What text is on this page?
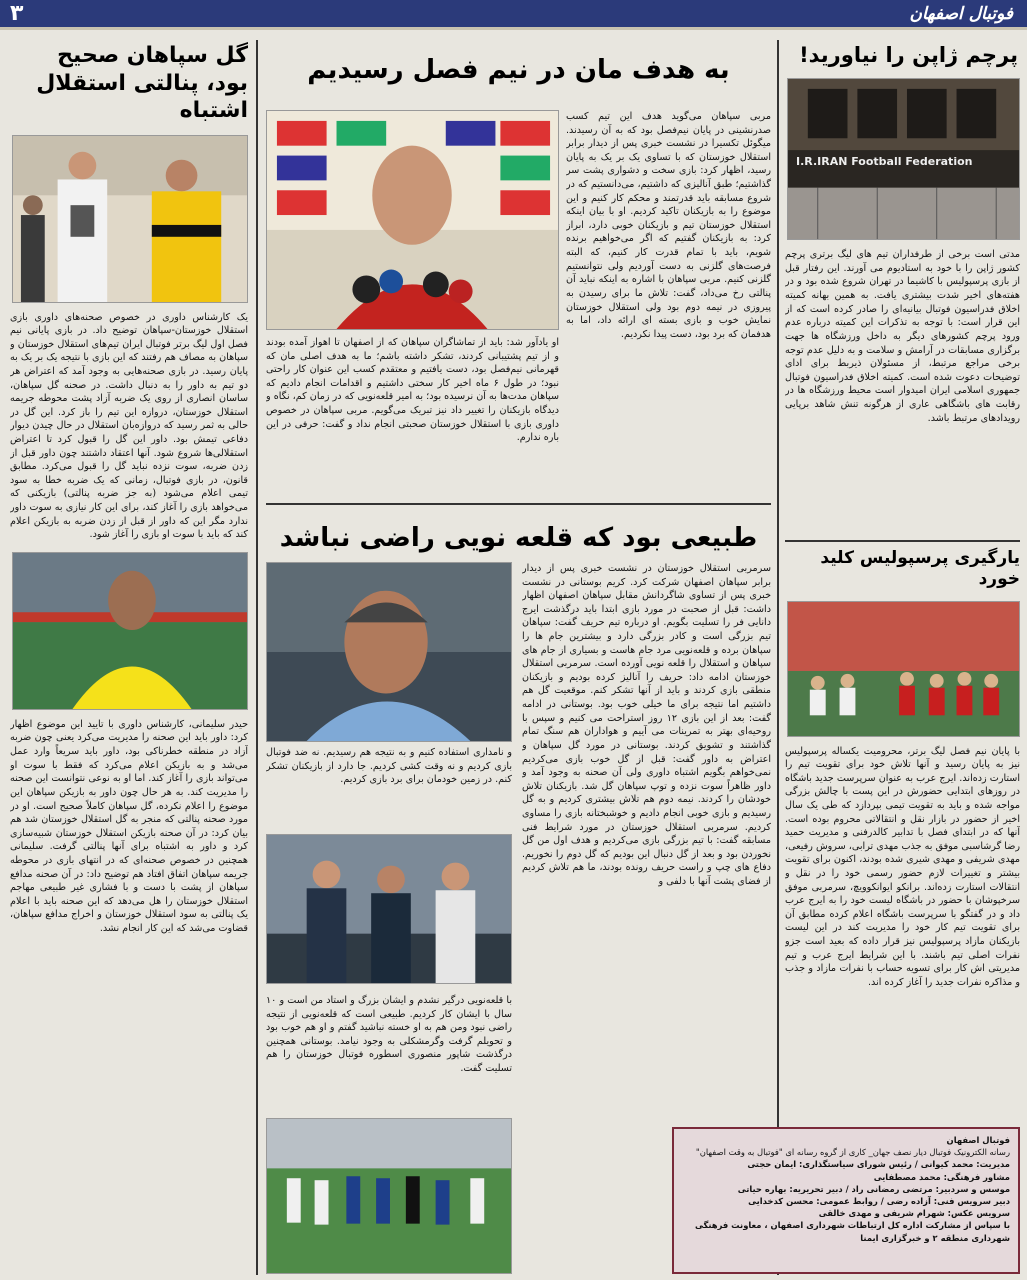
۳	فوتبال اصفهان
پرچم ژاپن را نیاورید!
I.R.IRAN Football Federation

مدتی است برخی از طرفداران تیم های لیگ برتری پرچم کشور ژاپن را با خود به استادیوم می آورند. این رفتار قبل از بازی پرسپولیس با کاشیما در تهران شروع شده بود و در هفته‌های اخیر شدت بیشتری یافت. به همین بهانه کمیته اخلاق فدراسیون فوتبال بیانیه‌ای را صادر کرده است که از این قرار است: با توجه به تذکرات این کمیته درباره عدم ورود پرچم کشورهای دیگر به داخل ورزشگاه ها جهت برگزاری مسابقات در آرامش و سلامت و به دلیل عدم توجه برخی مراجع مرتبط، از مسئولان ذیربط برای ادای توضیحات دعوت شده است. کمیته اخلاق فدراسیون فوتبال جمهوری اسلامی ایران امیدوار است محیط ورزشگاه ها در رقابت های باشگاهی عاری از هرگونه تنش شاهد برپایی رویدادهای مرتبط باشد.

یارگیری پرسپولیس کلید خورد

با پایان نیم فصل لیگ برتر، محرومیت یکساله پرسپولیس نیز به پایان رسید و آنها تلاش خود برای تقویت تیم را استارت زده‌اند. ایرج عرب به عنوان سرپرست جدید باشگاه در روزهای ابتدایی حضورش در این پست با چالش بزرگی مواجه شده و باید به تقویت تیمی بپردازد که طی یک سال اخیر از حضور در بازار نقل و انتقالاتی محروم بوده است. آنها که در ابتدای فصل با تدابیر کالدرفنی و مدیریت حمید رضا گرشاسبی موفق به جذب مهدی ترابی، سروش رفیعی، مهدی شریفی و مهدی شیری شده بودند، اکنون برای تقویت بیشتر و تغییرات لازم حضور رسمی خود را در نقل و انتقالات استارت زده‌اند. برانکو ایوانکوویچ، سرمربی موفق سرخپوشان با حضور در باشگاه لیست خود را به ایرج عرب داد و در گفتگو با سرپرست باشگاه اعلام کرده مطابق آن برای تقویت تیم کار خود را مدیریت کند در این لیست بازیکنان مازاد پرسپولیس نیز قرار داده که بعید است جزو نفرات اصلی تیم باشند. با این شرایط ایرج عرب و تیم مدیریتی اش کار برای تسویه حساب با نفرات مازاد و جذب و مذاکره نفرات جدید را آغاز کرده اند.

به هدف مان در نیم فصل رسیدیم

مربی سپاهان می‌گوید هدف این تیم کسب صدرنشینی در پایان نیم‌فصل بود که به آن رسیدند. میگوئل تکسیرا در نشست خبری پس از دیدار برابر استقلال خوزستان که با تساوی یک بر یک به پایان رسید، اظهار کرد: بازی سخت و دشواری پشت سر گذاشتیم؛ طبق آنالیزی که داشتیم، می‌دانستیم که در شروع مسابقه باید قدرتمند و محکم کار کنیم و این موضوع را به بازیکنان تاکید کردیم. او با بیان اینکه استقلال خوزستان تیم و بازیکنان خوبی دارد، ابراز کرد: به بازیکنان گفتیم که اگر می‌خواهیم برنده شویم، باید با تمام قدرت کار کنیم، که البته فرصت‌های گلزنی به دست آوردیم ولی نتوانستیم گلزنی کنیم. مربی سپاهان با اشاره به اینکه نباید آن پنالتی رخ می‌داد، گفت: تلاش ما برای رسیدن به پیروزی در نیمه دوم بود ولی استقلال خوزستان نمایش خوب و بازی بسته ای ارائه داد، اما به هدفمان که برد بود، دست پیدا نکردیم.

او یادآور شد: باید از تماشاگران سپاهان که از اصفهان تا اهواز آمده بودند و از تیم پشتیبانی کردند، تشکر داشته باشم؛ ما به هدف اصلی مان که قهرمانی نیم‌فصل بود، دست یافتیم و معتقدم کسب این عنوان کار راحتی نبود؛ در طول ۶ ماه اخیر کار سختی داشتیم و اقدامات انجام دادیم که سپاهان مدت‌ها به آن نرسیده بود؛ به امیر قلعه‌نویی که در زمان کم، نگاه و دیدگاه بازیکنان را تغییر داد نیز تبریک می‌گویم. مربی سپاهان در خصوص داوری بازی با استقلال خوزستان صحبتی انجام نداد و گفت: حرفی در این باره ندارم.

طبیعی بود که قلعه نویی راضی نباشد

و نامداری استفاده کنیم و به نتیجه هم رسیدیم. نه ضد فوتبال بازی کردیم و نه وقت کشی کردیم. جا دارد از بازیکنان تشکر کنم. در زمین خودمان برای برد بازی کردیم.

با قلعه‌نویی درگیر نشدم و ایشان بزرگ و استاد من است و ۱۰ سال با ایشان کار کردیم. طبیعی است که قلعه‌نویی از نتیجه راضی نبود ومن هم به او خسته نباشید گفتم و او هم خوب بود و تحویلم گرفت وگرمشکلی به وجود نیامد. بوستانی همچنین درگذشت شاپور منصوری اسطوره فوتبال خوزستان را هم تسلیت گفت.

سرمربی استقلال خوزستان در نشست خبری پس از دیدار برابر سپاهان اصفهان شرکت کرد. کریم بوستانی در نشست خبری پس از تساوی شاگردانش مقابل سپاهان اصفهان اظهار داشت: قبل از صحبت در مورد بازی ابتدا باید درگذشت ایرج دانایی فر را تسلیت بگویم. او درباره تیم حریف گفت: سپاهان تیم بزرگی است و کادر بزرگی دارد و بیشترین جام ها را سپاهان برده و قلعه‌نویی مرد جام هاست و بسیاری از جام های سپاهان و استقلال را قلعه نویی آورده است. سرمربی استقلال خوزستان ادامه داد: حریف را آنالیز کرده بودیم و بازیکنان منطقی بازی کردند و باید از آنها تشکر کنم. موقعیت گل هم داشتیم اما نتیجه برای ما خیلی خوب بود. بوستانی در ادامه گفت: بعد از این بازی ۱۲ روز استراحت می کنیم و سپس با روحیه‌ای بهتر به تمرینات می آییم و هواداران هم سنگ تمام گذاشتند و تشویق کردند. بوستانی در مورد گل سپاهان و اعتراض به داور گفت: قبل از گل خوب بازی می‌کردیم نمی‌خواهم بگویم اشتباه داوری ولی آن صحنه به وجود آمد و داور ظاهراً سوت نزده و توپ سپاهان گل شد. بازیکنان تلاش خودشان را کردند. نیمه دوم هم تلاش بیشتری کردیم و به گل رسیدیم و بازی خوبی انجام دادیم و خوشبختانه بازی را مساوی کردیم. سرمربی استقلال خوزستان در مورد شرایط فنی مسابقه گفت: با تیم بزرگی بازی می‌کردیم و هدف اول من گل نخوردن بود و بعد از گل دنبال این بودیم که گل دوم را نخوریم. دفاع های چپ و راست حریف رونده بودند، ما هم تلاش کردیم از فضای پشت آنها با دلفی و

گل سپاهان صحیح بود، پنالتی استقلال اشتباه

یک کارشناس داوری در خصوص صحنه‌های داوری بازی استقلال خوزستان-سپاهان توضیح داد. در بازی پایانی نیم فصل اول لیگ برتر فوتبال ایران تیم‌های استقلال خوزستان و سپاهان به مصاف هم رفتند که این بازی با نتیجه یک بر یک به پایان رسید. در بازی صحنه‌هایی به وجود آمد که اعتراض هر دو تیم به داور را به دنبال داشت. در صحنه گل سپاهان، ساسان انصاری از روی یک ضربه آزاد پشت محوطه جریمه استقلال خوزستان، دروازه این تیم را باز کرد. این گل در حالی به ثمر رسید که دروازه‌بان استقلال در حال چیدن دیوار دفاعی تیمش بود. داور این گل را قبول کرد تا اعتراض استقلالی‌ها شروع شود. آنها اعتقاد داشتند چون داور قبل از زدن ضربه، سوت نزده نباید گل را قبول می‌کرد. مطابق قانون، در بازی فوتبال، زمانی که یک ضربه خطا به سود تیمی اعلام می‌شود (به جز ضربه پنالتی) بازیکنی که می‌خواهد بازی را آغاز کند، برای این کار نیازی به سوت داور ندارد مگر این که داور از قبل از زدن ضربه به بازیکن اعلام کند که باید با سوت او بازی را آغاز شود.

حیدر سلیمانی، کارشناس داوری با تایید این موضوع اظهار کرد: داور باید این صحنه را مدیریت می‌کرد یعنی چون ضربه آزاد در منطقه خطرناکی بود، داور باید سریعاً وارد عمل می‌شد و به بازیکن اعلام می‌کرد که فقط با سوت او می‌تواند بازی را آغاز کند. اما او به نوعی نتوانست این صحنه را مدیریت کند. به هر حال چون داور به بازیکن سپاهان این موضوع را اعلام نکرده، گل سپاهان کاملاً صحیح است. او در مورد صحنه پنالتی که منجر به گل استقلال خوزستان شد هم بیان کرد: در آن صحنه بازیکن استقلال خوزستان شبیه‌سازی کرد و داور به اشتباه برای آنها پنالتی گرفت. سلیمانی همچنین در خصوص صحنه‌ای که در انتهای بازی در محوطه جریمه سپاهان اتفاق افتاد هم توضیح داد: در آن صحنه مدافع سپاهان از پشت با دست و با فشاری غیر طبیعی مهاجم استقلال خوزستان را هل می‌دهد که این صحنه باید با اعلام یک پنالتی به سود استقلال خوزستان و اخراج مدافع سپاهان، قضاوت می‌شد که این کار انجام نشد.

فوتبال اصفهان

رسانه الکترونیک فوتبال دیار نصف جهان_ کاری از گروه رسانه ای "فوتبال به وقت اصفهان"

مدیریت: محمد کیوانی / رئیس شورای سیاستگذاری: ایمان حجتی

مشاور فرهنگی: محمد مصطفایی

موسس و سردبیر: مرتضی رمضانی راد / دبیر تحریریه: بهاره حیاتی

دبیر سرویس فنی: آزاده رضی / روابط عمومی: محسن کدخدایی

سرویس عکس: شهرام شریفی و مهدی خالقی

با سپاس از مشارکت اداره کل ارتباطات شهرداری اصفهان ، معاونت فرهنگی شهرداری منطقه ۲ و خبرگزاری ایمنا
